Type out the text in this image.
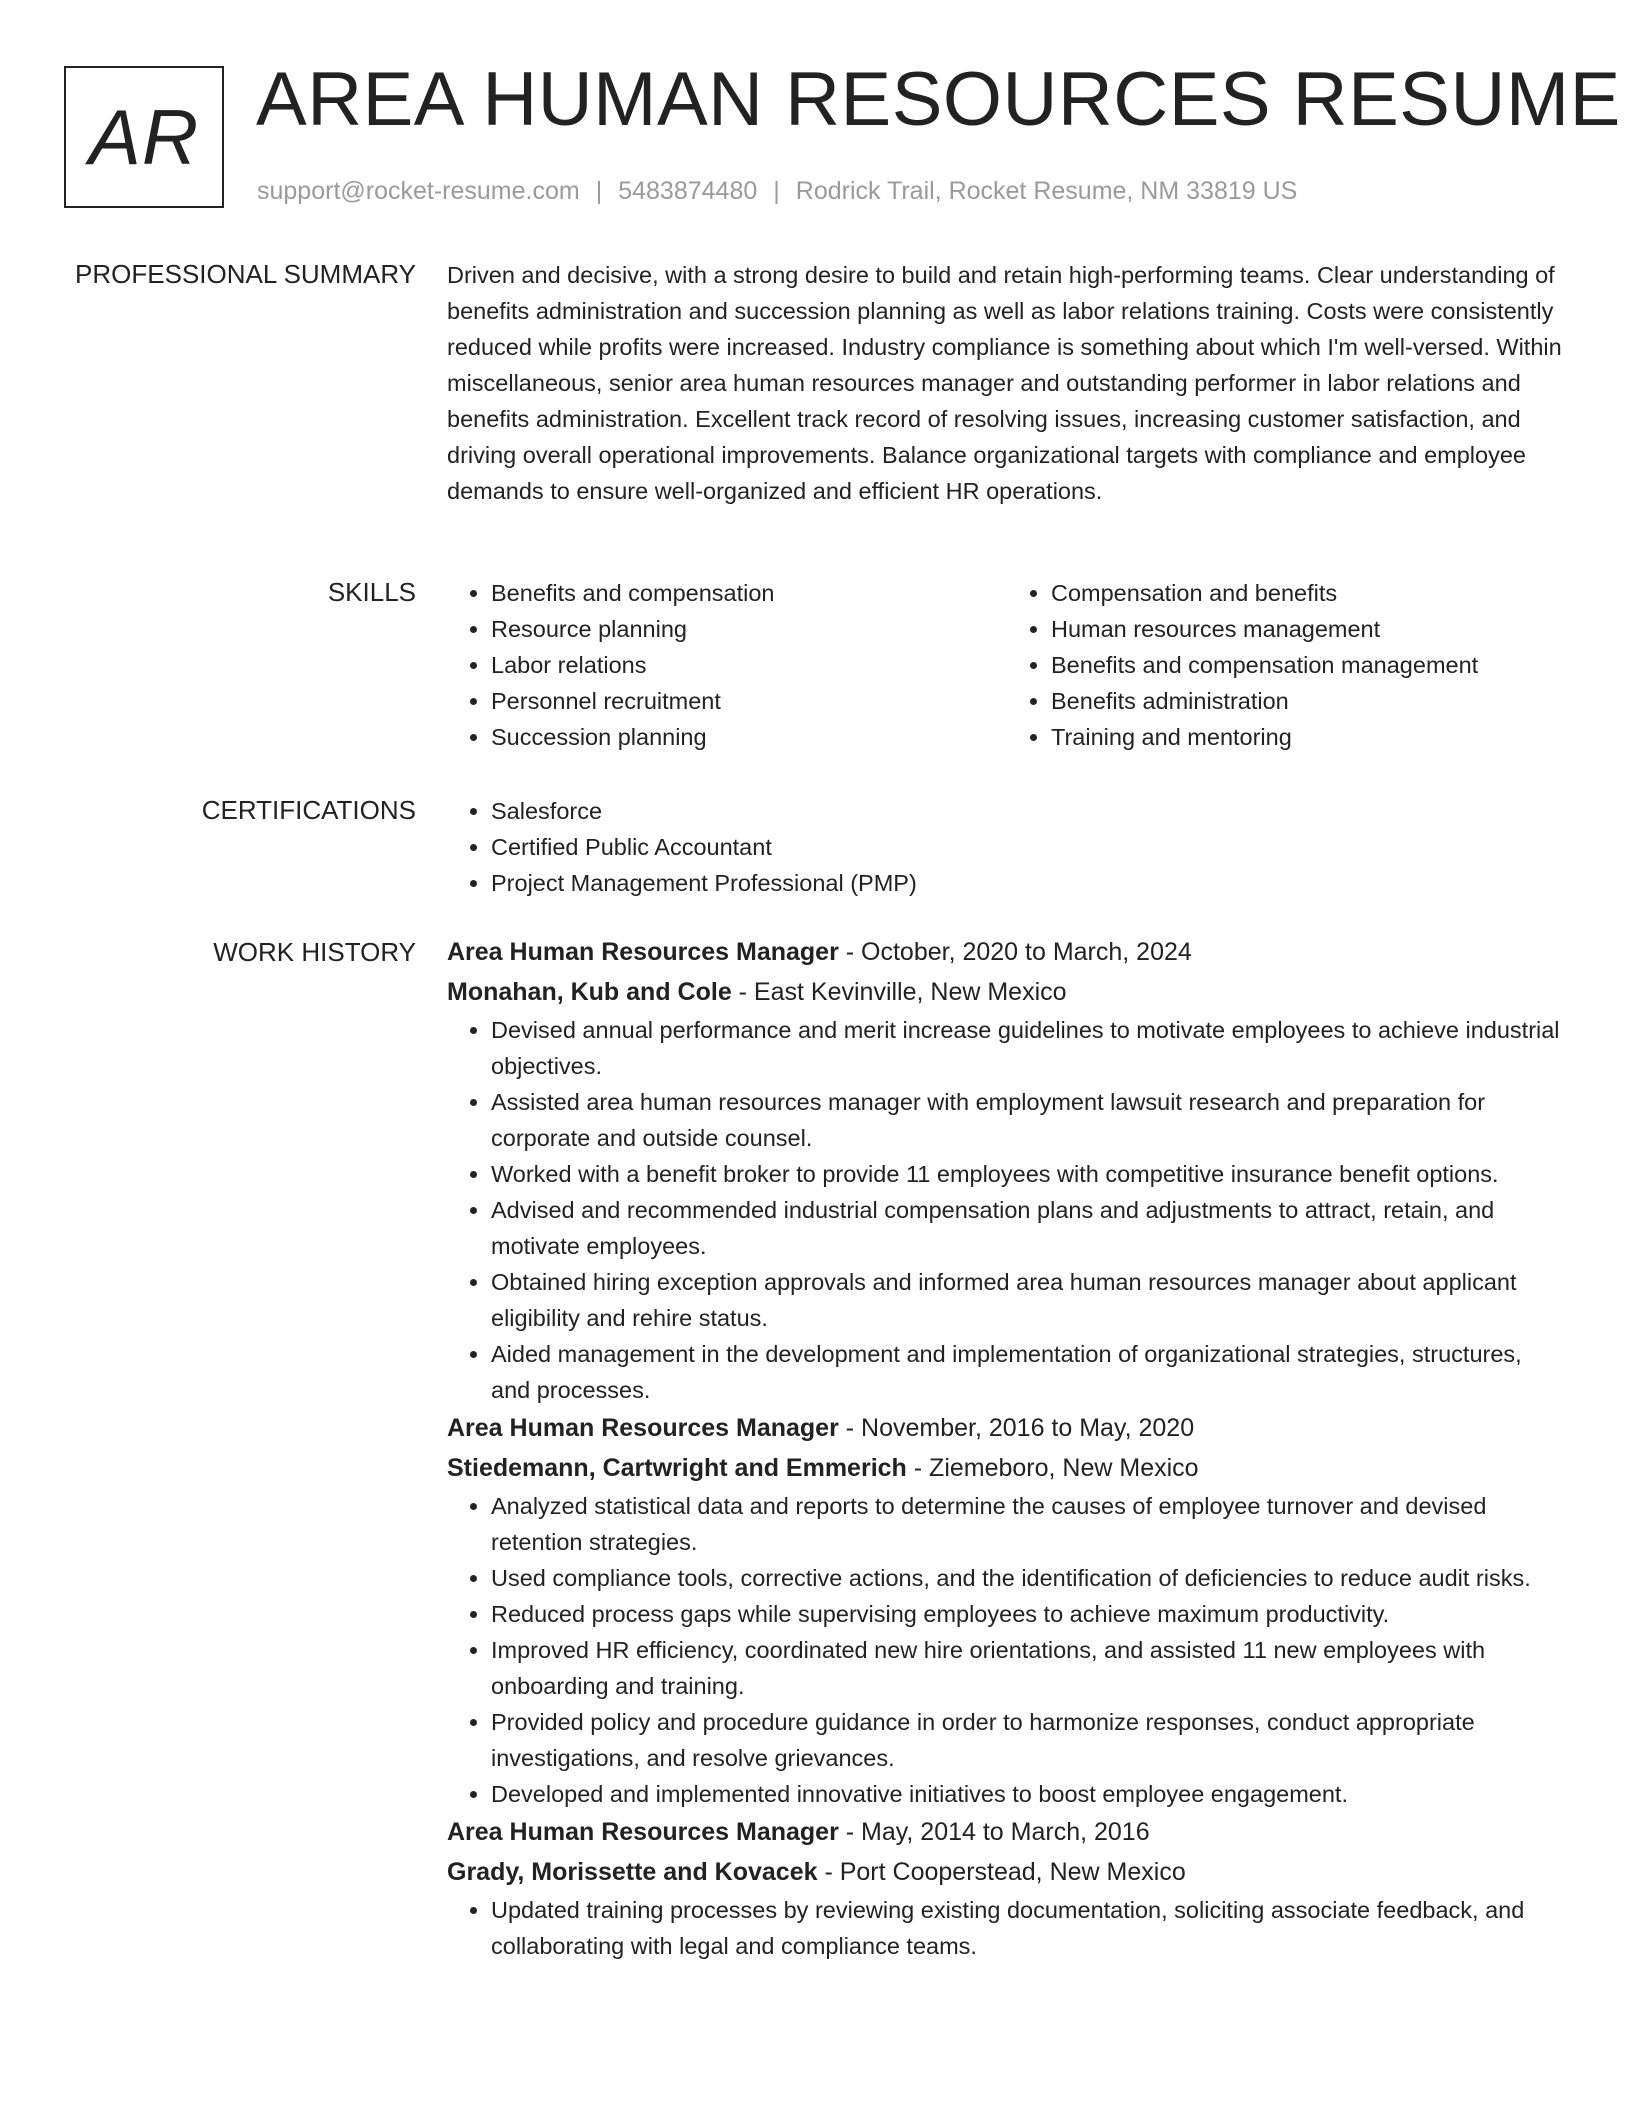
AR AREA HUMAN RESOURCES RESUME
support@rocket-resume.com | 5483874480 | Rodrick Trail, Rocket Resume, NM 33819 US
PROFESSIONAL SUMMARY Driven and decisive, with a strong desire to build and retain high-performing teams. Clear understanding of benefits administration and succession planning as well as labor relations training. Costs were consistently reduced while profits were increased. Industry compliance is something about which I'm well-versed. Within miscellaneous, senior area human resources manager and outstanding performer in labor relations and benefits administration. Excellent track record of resolving issues, increasing customer satisfaction, and driving overall operational improvements. Balance organizational targets with compliance and employee demands to ensure well-organized and efficient HR operations.

SKILLS	• Benefits and compensation
• Resource planning
• Labor relations
• Personnel recruitment
• Succession planning
• Compensation and benefits
• Human resources management
• Benefits and compensation management
• Benefits administration
• Training and mentoring
CERTIFICATIONS	• Salesforce
• Certified Public Accountant
• Project Management Professional (PMP)
WORK HISTORY Area Human Resources Manager - October, 2020 to March, 2024
Monahan, Kub and Cole - East Kevinville, New Mexico
• Devised annual performance and merit increase guidelines to motivate employees to achieve industrial objectives.
• Assisted area human resources manager with employment lawsuit research and preparation for corporate and outside counsel.
• Worked with a benefit broker to provide 11 employees with competitive insurance benefit options.
• Advised and recommended industrial compensation plans and adjustments to attract, retain, and motivate employees.
• Obtained hiring exception approvals and informed area human resources manager about applicant eligibility and rehire status.
• Aided management in the development and implementation of organizational strategies, structures, and processes.
Area Human Resources Manager - November, 2016 to May, 2020
Stiedemann, Cartwright and Emmerich - Ziemeboro, New Mexico
• Analyzed statistical data and reports to determine the causes of employee turnover and devised retention strategies.
• Used compliance tools, corrective actions, and the identification of deficiencies to reduce audit risks.
• Reduced process gaps while supervising employees to achieve maximum productivity.
• Improved HR efficiency, coordinated new hire orientations, and assisted 11 new employees with onboarding and training.
• Provided policy and procedure guidance in order to harmonize responses, conduct appropriate investigations, and resolve grievances.
• Developed and implemented innovative initiatives to boost employee engagement.
Area Human Resources Manager - May, 2014 to March, 2016
Grady, Morissette and Kovacek - Port Cooperstead, New Mexico
• Updated training processes by reviewing existing documentation, soliciting associate feedback, and collaborating with legal and compliance teams.
